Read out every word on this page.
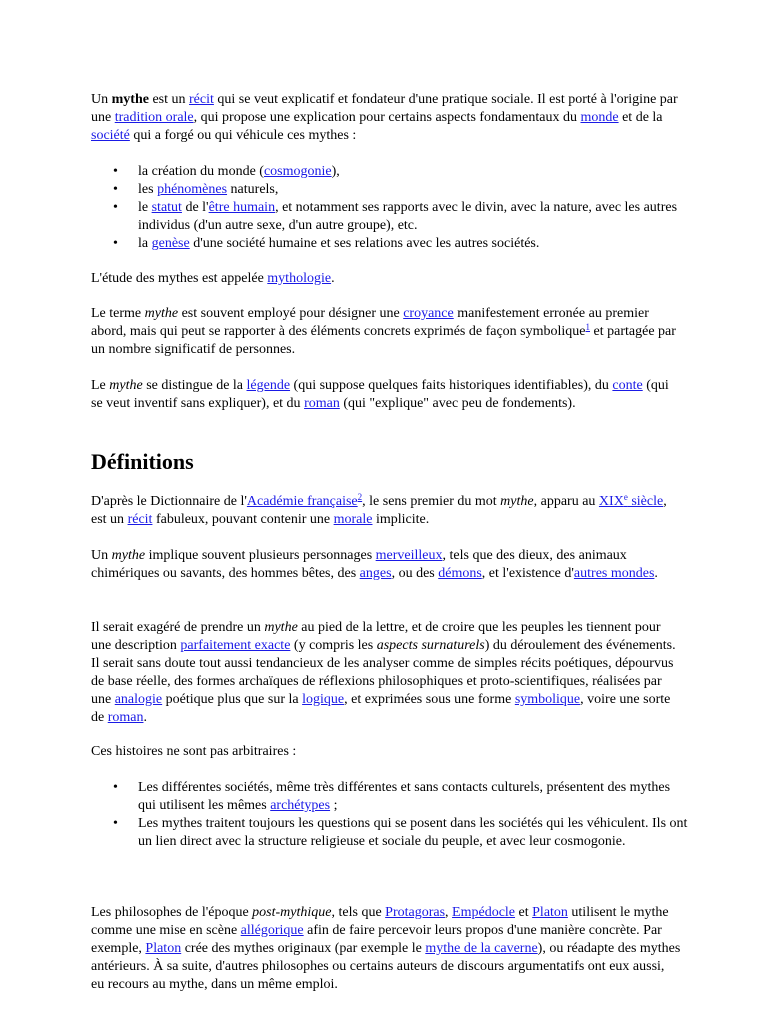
Un mythe est un récit qui se veut explicatif et fondateur d'une pratique sociale. Il est porté à l'origine par une tradition orale, qui propose une explication pour certains aspects fondamentaux du monde et de la société qui a forgé ou qui véhicule ces mythes :

• la création du monde (cosmogonie),
• les phénomènes naturels,
• le statut de l'être humain, et notamment ses rapports avec le divin, avec la nature, avec les autres individus (d'un autre sexe, d'un autre groupe), etc.
• la genèse d'une société humaine et ses relations avec les autres sociétés.

L'étude des mythes est appelée mythologie.

Le terme mythe est souvent employé pour désigner une croyance manifestement erronée au premier abord, mais qui peut se rapporter à des éléments concrets exprimés de façon symbolique$^1$ et partagée par un nombre significatif de personnes.

Le mythe se distingue de la légende (qui suppose quelques faits historiques identifiables), du conte (qui se veut inventif sans expliquer), et du roman (qui "explique" avec peu de fondements).

Définitions

D'après le Dictionnaire de l'Académie française$^2$, le sens premier du mot mythe, apparu au XIXe siècle, est un récit fabuleux, pouvant contenir une morale implicite.

Un mythe implique souvent plusieurs personnages merveilleux, tels que des dieux, des animaux chimériques ou savants, des hommes bêtes, des anges, ou des démons, et l'existence d'autres mondes.

Il serait exagéré de prendre un mythe au pied de la lettre, et de croire que les peuples les tiennent pour une description parfaitement exacte (y compris les aspects surnaturels) du déroulement des événements. Il serait sans doute tout aussi tendancieux de les analyser comme de simples récits poétiques, dépourvus de base réelle, des formes archaïques de réflexions philosophiques et proto-scientifiques, réalisées par une analogie poétique plus que sur la logique, et exprimées sous une forme symbolique, voire une sorte de roman.

Ces histoires ne sont pas arbitraires :

• Les différentes sociétés, même très différentes et sans contacts culturels, présentent des mythes qui utilisent les mêmes archétypes ;
• Les mythes traitent toujours les questions qui se posent dans les sociétés qui les véhiculent. Ils ont un lien direct avec la structure religieuse et sociale du peuple, et avec leur cosmogonie.

Les philosophes de l'époque post-mythique, tels que Protagoras, Empédocle et Platon utilisent le mythe comme une mise en scène allégorique afin de faire percevoir leurs propos d'une manière concrète. Par exemple, Platon crée des mythes originaux (par exemple le mythe de la caverne), ou réadapte des mythes antérieurs. À sa suite, d'autres philosophes ou certains auteurs de discours argumentatifs ont eux aussi, eu recours au mythe, dans un même emploi.
